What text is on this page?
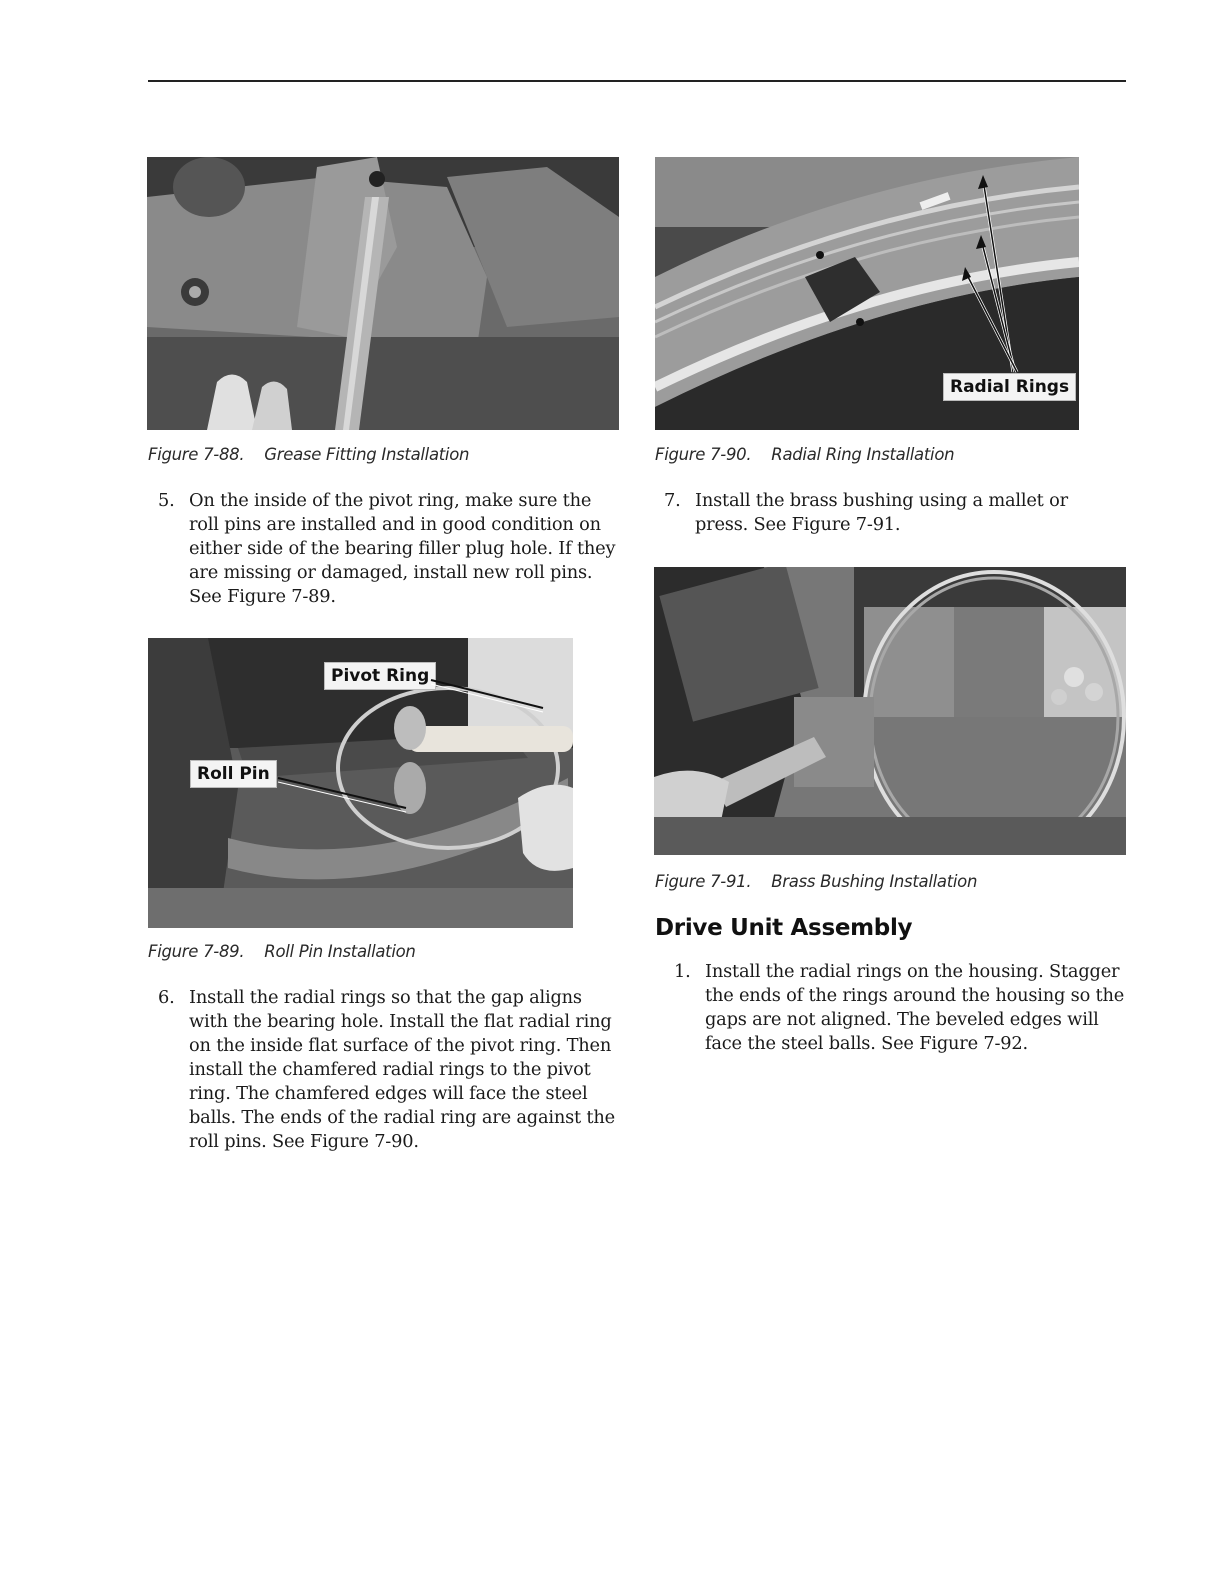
Figure 7-88. Grease Fitting Installation
5. On the inside of the pivot ring, make sure the roll pins are installed and in good condition on either side of the bearing filler plug hole. If they are missing or damaged, install new roll pins. See Figure 7-89.
Pivot Ring
Roll Pin
Figure 7-89. Roll Pin Installation
6. Install the radial rings so that the gap aligns with the bearing hole. Install the flat radial ring on the inside flat surface of the pivot ring. Then install the chamfered radial rings to the pivot ring. The chamfered edges will face the steel balls. The ends of the radial ring are against the roll pins. See Figure 7-90.
Radial Rings
Figure 7-90. Radial Ring Installation
7. Install the brass bushing using a mallet or press. See Figure 7-91.
Figure 7-91. Brass Bushing Installation
Drive Unit Assembly
1. Install the radial rings on the housing. Stagger the ends of the rings around the housing so the gaps are not aligned. The beveled edges will face the steel balls. See Figure 7-92.
